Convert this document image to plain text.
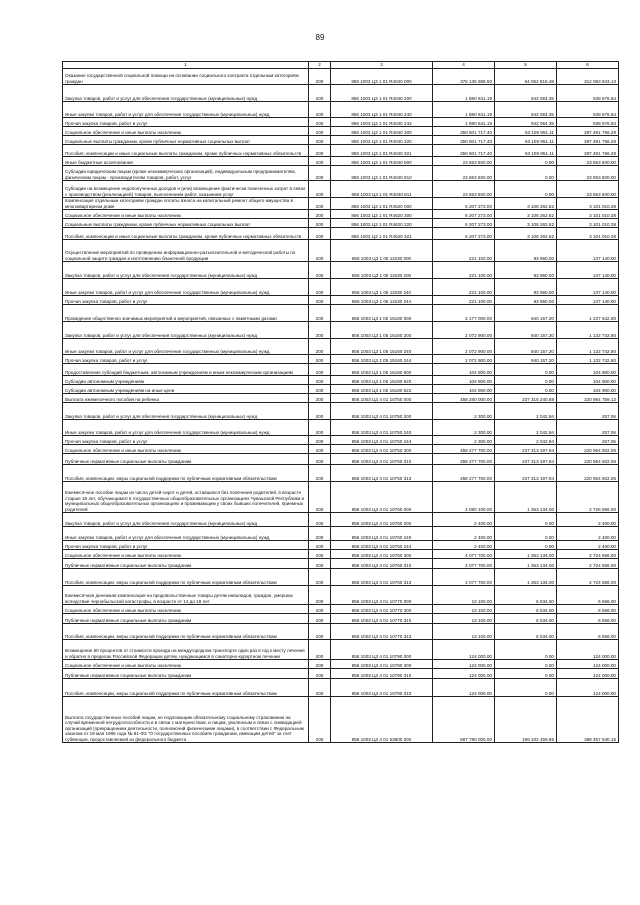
89
1	2	3	4	5	6
Оказание государственной социальной помощи на основании социального контракта отдельным категориям граждан	200	856 1003 Ц3 1 01 R4040 000	376 135 958.50	64 052 815.48	312 083 843.13
Закупка товаров, работ и услуг для обеспечения государственных (муниципальных) нужд	200	856 1003 Ц3 1 01 R4040 200	1 880 641.19	942 064.35	938 576.84
Иные закупки товаров, работ и услуг для обеспечения государственных (муниципальных) нужд	200	856 1003 Ц3 1 01 R4040 240	1 880 641.19	942 064.35	938 576.84
Прочая закупка товаров, работ и услуг	200	856 1003 Ц3 1 01 R4040 244	1 880 641.19	942 064.35	938 576.84
Социальное обеспечение и иные выплаты населению	200	856 1003 Ц3 1 01 R4040 300	350 601 717.40	63 109 951.11	287 491 766.29
Социальные выплаты гражданам, кроме публичных нормативных социальных выплат	200	856 1003 Ц3 1 01 R4040 320	350 601 717.40	63 109 951.11	287 491 766.29
Пособия, компенсации и иные социальные выплаты гражданам, кроме публичных нормативных обязательств	200	856 1003 Ц3 1 01 R4040 321	350 601 717.40	63 109 951.11	287 491 766.29
Иные бюджетные ассигнования	200	856 1003 Ц3 1 01 R4040 800	23 653 600.00	0.00	23 653 600.00
Субсидии юридическим лицам (кроме некоммерческих организаций), индивидуальным предпринимателям, физическим лицам - производителям товаров, работ, услуг	200	856 1003 Ц3 1 01 R4040 810	23 653 600.00	0.00	23 653 600.00
Субсидии на возмещение недополученных доходов и (или) возмещение фактически понесенных затрат в связи с производством (реализацией) товаров, выполнением работ, оказанием услуг	200	856 1003 Ц3 1 01 R4040 811	23 653 600.00	0.00	23 653 600.00
Компенсация отдельным категориям граждан оплаты взноса на капитальный ремонт общего имущества в многоквартирном доме	200	856 1003 Ц3 1 01 R4620 000	6 207 273.00	3 106 262.62	3 101 010.38
Социальное обеспечение и иные выплаты населению	200	856 1003 Ц3 1 01 R4620 300	6 207 273.00	3 106 262.62	3 101 010.38
Социальные выплаты гражданам, кроме публичных нормативных социальных выплат	200	856 1003 Ц3 1 01 R4620 320	6 207 273.00	3 106 262.62	3 101 010.38
Пособия, компенсации и иные социальные выплаты гражданам, кроме публичных нормативных обязательств	200	856 1003 Ц3 1 01 R4620 321	6 207 273.00	3 106 262.62	3 101 010.38
Осуществление мероприятий по проведению информационно-разъяснительной и методической работы по социальной защите граждан и изготовлению бланочной продукции	200	856 1003 Ц3 1 05 11530 000	221 100.00	83 960.00	137 140.00
Закупка товаров, работ и услуг для обеспечения государственных (муниципальных) нужд	200	856 1003 Ц3 1 05 11530 200	221 100.00	83 960.00	137 140.00
Иные закупки товаров, работ и услуг для обеспечения государственных (муниципальных) нужд	200	856 1003 Ц3 1 05 11530 240	221 100.00	83 960.00	137 140.00
Прочая закупка товаров, работ и услуг	200	856 1003 Ц3 1 05 11530 244	221 100.00	83 960.00	137 140.00
Проведение общественно значимых мероприятий и мероприятий, связанных с памятными датами	200	856 1003 Ц3 1 05 15160 000	2 177 000.00	940 157.20	1 237 642.80
Закупка товаров, работ и услуг для обеспечения государственных (муниципальных) нужд	200	856 1003 Ц3 1 05 15160 200	2 072 900.00	940 157.20	1 132 742.80
Иные закупки товаров, работ и услуг для обеспечения государственных (муниципальных) нужд	200	856 1003 Ц3 1 05 15160 240	2 072 900.00	940 157.20	1 132 742.80
Прочая закупка товаров, работ и услуг	200	856 1003 Ц3 1 05 15160 244	2 072 900.00	940 157.20	1 132 742.80
Предоставление субсидий бюджетным, автономным учреждениям и иным некоммерческим организациям	200	856 1003 Ц3 1 05 15160 600	104 900.00	0.00	104 900.00
Субсидии автономным учреждениям	200	856 1003 Ц3 1 05 15160 620	104 900.00	0.00	104 900.00
Субсидии автономным учреждениям на иные цели	200	856 1003 Ц3 1 05 15160 622	104 900.00	0.00	104 900.00
Выплата ежемесячного пособия на ребенка	200	856 1003 Ц3 4 01 10750 000	458 280 000.00	237 315 240.68	220 964 759.12
Закупка товаров, работ и услуг для обеспечения государственных (муниципальных) нужд	200	856 1003 Ц3 4 01 10750 200	2 300.00	2 042.94	257.06
Иные закупки товаров, работ и услуг для обеспечения государственных (муниципальных) нужд	200	856 1003 Ц3 4 01 10750 240	2 300.00	2 042.94	257.06
Прочая закупка товаров, работ и услуг	200	856 1003 Ц3 4 01 10750 244	2 300.00	2 042.94	257.06
Социальное обеспечение и иные выплаты населению	200	856 1003 Ц3 4 01 10750 300	458 277 700.00	237 313 197.94	220 964 502.06
Публичные нормативные социальные выплаты гражданам	200	856 1003 Ц3 4 01 10750 310	458 277 700.00	237 313 197.94	220 964 502.06
Пособия, компенсации, меры социальной поддержки по публичным нормативным обязательствам	200	856 1003 Ц3 4 01 10750 313	458 277 700.00	237 313 197.94	220 964 502.06
Ежемесячное пособие лицам из числа детей-сирот и детей, оставшихся без попечения родителей, в возрасте старше 18 лет, обучающимся в государственных общеобразовательных организациях Чувашской Республики и муниципальных общеобразовательных организациях и проживающим у своих бывших попечителей, приемных родителей	200	856 1003 Ц3 4 01 10760 000	4 080 100.00	1 353 134.00	2 726 966.00
Закупка товаров, работ и услуг для обеспечения государственных (муниципальных) нужд	200	856 1003 Ц3 4 01 10760 200	2 400.00	0.00	2 400.00
Иные закупки товаров, работ и услуг для обеспечения государственных (муниципальных) нужд	200	856 1003 Ц3 4 01 10760 240	2 400.00	0.00	2 400.00
Прочая закупка товаров, работ и услуг	200	856 1003 Ц3 4 01 10760 244	2 400.00	0.00	2 400.00
Социальное обеспечение и иные выплаты населению	200	856 1003 Ц3 4 01 10760 300	4 077 700.00	1 353 134.00	2 724 566.00
Публичные нормативные социальные выплаты гражданам	200	856 1003 Ц3 4 01 10760 310	4 077 700.00	1 353 134.00	2 724 566.00
Пособия, компенсации, меры социальной поддержки по публичным нормативным обязательствам	200	856 1003 Ц3 4 01 10760 313	4 077 700.00	1 353 134.00	2 724 566.00
Ежемесячная денежная компенсация на продовольственные товары детям инвалидов, граждан, умерших вследствие чернобыльской катастрофы, в возрасте от 14 до 18 лет	200	856 1003 Ц3 4 01 10770 000	13 100.00	6 534.00	6 566.00
Социальное обеспечение и иные выплаты населению	200	856 1003 Ц3 4 01 10770 300	13 100.00	6 534.00	6 566.00
Публичные нормативные социальные выплаты гражданам	200	856 1003 Ц3 4 01 10770 310	13 100.00	6 534.00	6 566.00
Пособия, компенсации, меры социальной поддержки по публичным нормативным обязательствам	200	856 1003 Ц3 4 01 10770 313	13 100.00	6 534.00	6 566.00
Возмещение 50 процентов от стоимости проезда на междугородном транспорте один раз в год к месту лечения и обратно в пределах Российской Федерации детям, нуждающимся в санаторно-курортном лечении	200	856 1003 Ц3 4 01 10790 000	124 000.00	0.00	124 000.00
Социальное обеспечение и иные выплаты населению	200	856 1003 Ц3 4 01 10790 300	124 000.00	0.00	124 000.00
Публичные нормативные социальные выплаты гражданам	200	856 1003 Ц3 4 01 10790 310	124 000.00	0.00	124 000.00
Пособия, компенсации, меры социальной поддержки по публичным нормативным обязательствам	200	856 1003 Ц3 4 01 10790 313	124 000.00	0.00	124 000.00
Выплата государственных пособий лицам, не подлежащим обязательному социальному страхованию на случай временной нетрудоспособности и в связи с материнством, и лицам, уволенным в связи с ликвидацией организаций (прекращением деятельности, полномочий физическими лицами), в соответствии с Федеральным законом от 19 мая 1995 года № 81-ФЗ "О государственных пособиях гражданам, имеющим детей" за счет субвенции, предоставляемой из федерального бюджета	200	856 1003 Ц3 4 01 53800 000	587 790 000.00	199 332 459.85	388 457 540.15
